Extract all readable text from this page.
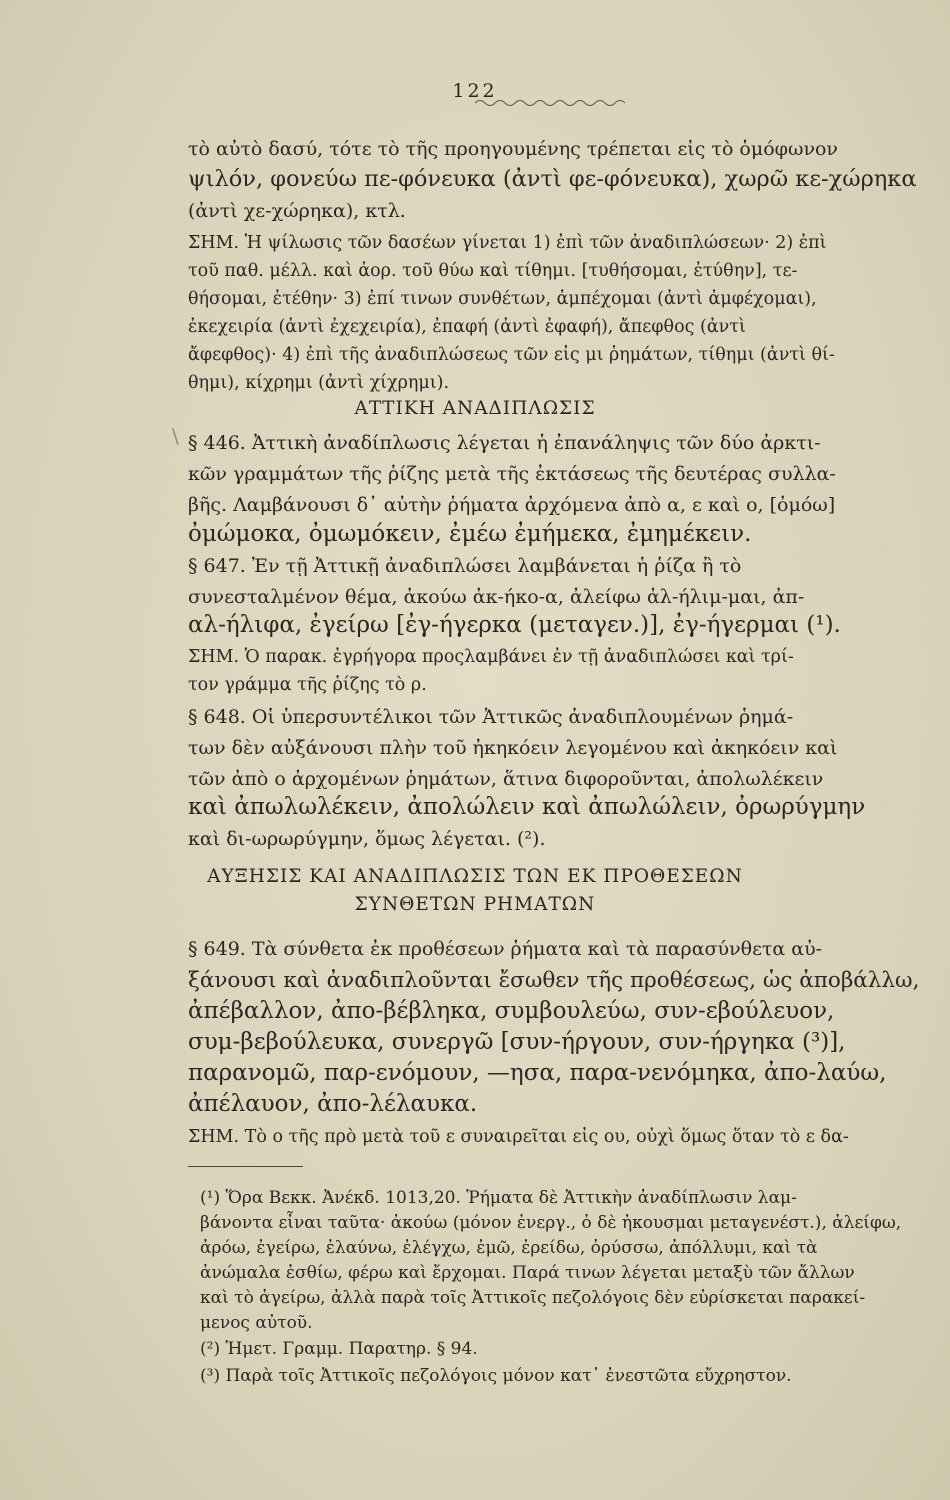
122
τὸ αὐτὸ δασύ, τότε τὸ τῆς προηγουμένης τρέπεται εἰς τὸ ὁμόφωνον
ψιλόν, φονεύω πε-φόνευκα (ἀντὶ φε-φόνευκα), χωρῶ κε-χώρηκα
(ἀντὶ χε-χώρηκα), κτλ.
ΣΗΜ. Ἡ ψίλωσις τῶν δασέων γίνεται 1) ἐπὶ τῶν ἀναδιπλώσεων· 2) ἐπὶ
τοῦ παθ. μέλλ. καὶ ἀορ. τοῦ θύω καὶ τίθημι. [τυθήσομαι, ἐτύθην], τε-
θήσομαι, ἐτέθην· 3) ἐπί τινων συνθέτων, ἀμπέχομαι (ἀντὶ ἀμφέχομαι),
ἐκεχειρία (ἀντὶ ἐχεχειρία), ἐπαφή (ἀντὶ ἐφαφή), ἄπεφθος (ἀντὶ
ἄφεφθος)· 4) ἐπὶ τῆς ἀναδιπλώσεως τῶν εἰς μι ῥημάτων, τίθημι (ἀντὶ θί-
θημι), κίχρημι (ἀντὶ χίχρημι).
ΑΤΤΙΚΗ ΑΝΑΔΙΠΛΩΣΙΣ
\ § 446. Ἀττικὴ ἀναδίπλωσις λέγεται ἡ ἐπανάληψις τῶν δύο ἀρκτι-
κῶν γραμμάτων τῆς ῥίζης μετὰ τῆς ἐκτάσεως τῆς δευτέρας συλλα-
βῆς. Λαμβάνουσι δ᾽ αὐτὴν ῥήματα ἀρχόμενα ἀπὸ α, ε καὶ ο, [ὀμόω]
ὀμώμοκα, ὀμωμόκειν, ἐμέω ἐμήμεκα, ἐμημέκειν.
§ 647. Ἐν τῇ Ἀττικῇ ἀναδιπλώσει λαμβάνεται ἡ ῥίζα ἢ τὸ
συνεσταλμένον θέμα, ἀκούω ἀκ-ήκο-α, ἀλείφω ἀλ-ήλιμ-μαι, ἀπ-
αλ-ήλιφα, ἐγείρω [ἐγ-ήγερκα (μεταγεν.)], ἐγ-ήγερμαι (¹).
ΣΗΜ. Ὁ παρακ. ἐγρήγορα προςλαμβάνει ἐν τῇ ἀναδιπλώσει καὶ τρί-
τον γράμμα τῆς ῥίζης τὸ ρ.
§ 648. Οἱ ὑπερσυντέλικοι τῶν Ἀττικῶς ἀναδιπλουμένων ῥημά-
των δὲν αὐξάνουσι πλὴν τοῦ ἠκηκόειν λεγομένου καὶ ἀκηκόειν καὶ
τῶν ἀπὸ ο ἀρχομένων ῥημάτων, ἅτινα διφοροῦνται, ἀπολωλέκειν
καὶ ἀπωλωλέκειν, ἀπολώλειν καὶ ἀπωλώλειν, ὀρωρύγμην
καὶ δι-ωρωρύγμην, ὅμως λέγεται. (²).
ΑΥΞΗΣΙΣ ΚΑΙ ΑΝΑΔΙΠΛΩΣΙΣ ΤΩΝ ΕΚ ΠΡΟΘΕΣΕΩΝ
ΣΥΝΘΕΤΩΝ ΡΗΜΑΤΩΝ
§ 649. Τὰ σύνθετα ἐκ προθέσεων ῥήματα καὶ τὰ παρασύνθετα αὐ-
ξάνουσι καὶ ἀναδιπλοῦνται ἔσωθεν τῆς προθέσεως, ὡς ἀποβάλλω,
ἀπέβαλλον, ἀπο-βέβληκα, συμβουλεύω, συν-εβούλευον,
συμ-βεβούλευκα, συνεργῶ [συν-ήργουν, συν-ήργηκα (³)],
παρανομῶ, παρ-ενόμουν, —ησα, παρα-νενόμηκα, ἀπο-λαύω,
ἀπέλαυον, ἀπο-λέλαυκα.
ΣΗΜ. Τὸ ο τῆς πρὸ μετὰ τοῦ ε συναιρεῖται εἰς ου, οὐχὶ ὅμως ὅταν τὸ ε δα-
(¹) Ὅρα Βεκκ. Ἀνέκδ. 1013,20. Ῥήματα δὲ Ἀττικὴν ἀναδίπλωσιν λαμ-
βάνοντα εἶναι ταῦτα· ἀκούω (μόνον ἐνεργ., ὁ δὲ ἠκουσμαι μεταγενέστ.), ἀλείφω,
ἀρόω, ἐγείρω, ἐλαύνω, ἐλέγχω, ἐμῶ, ἐρείδω, ὀρύσσω, ἀπόλλυμι, καὶ τὰ
ἀνώμαλα ἐσθίω, φέρω καὶ ἔρχομαι. Παρά τινων λέγεται μεταξὺ τῶν ἄλλων
καὶ τὸ ἀγείρω, ἀλλὰ παρὰ τοῖς Ἀττικοῖς πεζολόγοις δὲν εὑρίσκεται παρακεί-
μενος αὐτοῦ.
(²) Ἡμετ. Γραμμ. Παρατηρ. § 94.
(³) Παρὰ τοῖς Ἀττικοῖς πεζολόγοις μόνον κατ᾽ ἐνεστῶτα εὔχρηστον.
